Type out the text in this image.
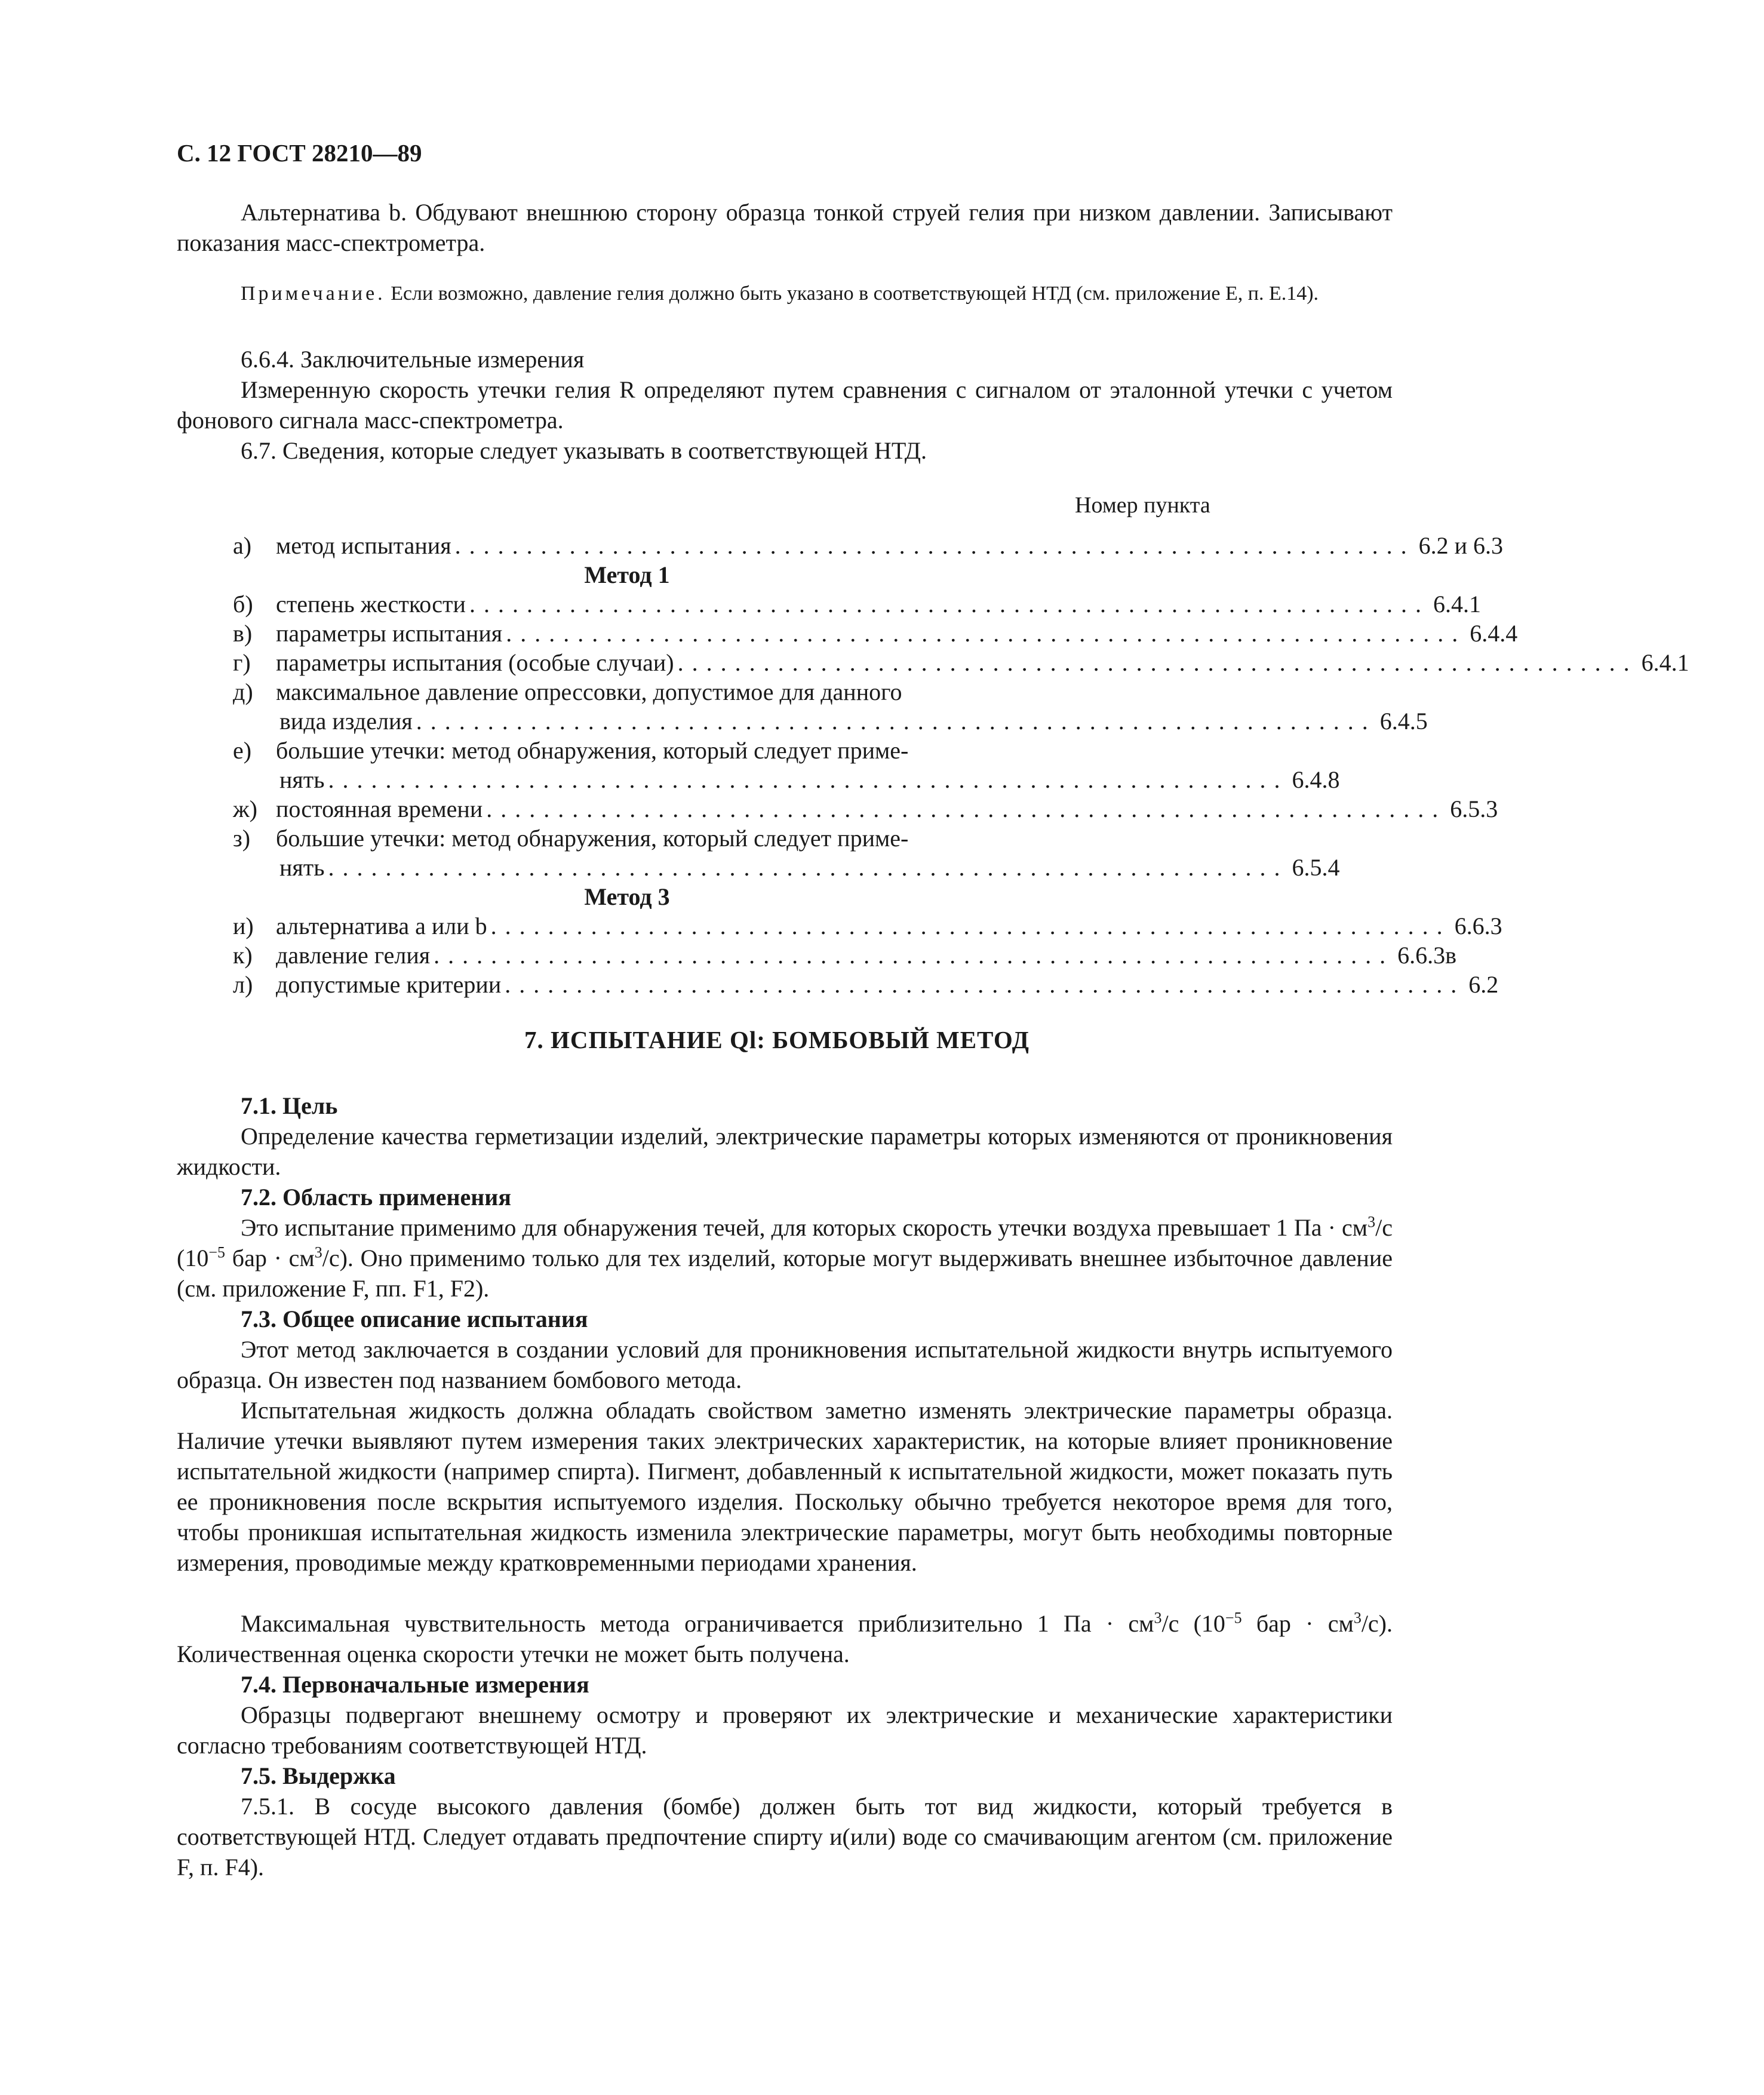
С. 12 ГОСТ 28210—89

Альтернатива b. Обдувают внешнюю сторону образца тонкой струей гелия при низком давлении. Записывают показания масс-спектрометра.

Примечание. Если возможно, давление гелия должно быть указано в соответствующей НТД (см. приложение Е, п. Е.14).

6.6.4. Заключительные измерения

Измеренную скорость утечки гелия R определяют путем сравнения с сигналом от эталонной утечки с учетом фонового сигнала масс-спектрометра.

6.7. Сведения, которые следует указывать в соответствующей НТД.

Номер пункта
а) метод испытания ................................................................... 6.2 и 6.3
Метод 1
б) степень жесткости ................................................................... 6.4.1
в) параметры испытания ................................................................... 6.4.4
г) параметры испытания (особые случаи) ................................................................... 6.4.1
д) максимальное давление опрессовки, допустимое для данного
вида изделия ................................................................... 6.4.5
е) большие утечки: метод обнаружения, который следует приме-
нять ................................................................... 6.4.8
ж) постоянная времени ................................................................... 6.5.3
з) большие утечки: метод обнаружения, который следует приме-
нять ................................................................... 6.5.4
Метод 3
и) альтернатива а или b ................................................................... 6.6.3
к) давление гелия ................................................................... 6.6.3в
л) допустимые критерии ................................................................... 6.2
7. ИСПЫТАНИЕ Ql: БОМБОВЫЙ МЕТОД
7.1. Цель

Определение качества герметизации изделий, электрические параметры которых изменяются от проникновения жидкости.

7.2. Область применения

Это испытание применимо для обнаружения течей, для которых скорость утечки воздуха превышает 1 Па · $см^3/с$ ($10^{-5}$ бар · $см^3/с$). Оно применимо только для тех изделий, которые могут выдерживать внешнее избыточное давление (см. приложение F, пп. F1, F2).

7.3. Общее описание испытания

Этот метод заключается в создании условий для проникновения испытательной жидкости внутрь испытуемого образца. Он известен под названием бомбового метода.

Испытательная жидкость должна обладать свойством заметно изменять электрические параметры образца. Наличие утечки выявляют путем измерения таких электрических характеристик, на которые влияет проникновение испытательной жидкости (например спирта). Пигмент, добавленный к испытательной жидкости, может показать путь ее проникновения после вскрытия испытуемого изделия. Поскольку обычно требуется некоторое время для того, чтобы проникшая испытательная жидкость изменила электрические параметры, могут быть необходимы повторные измерения, проводимые между кратковременными периодами хранения.

Максимальная чувствительность метода ограничивается приблизительно 1 Па · $см^3/с$ ($10^{-5}$ бар · $см^3/с$). Количественная оценка скорости утечки не может быть получена.

7.4. Первоначальные измерения

Образцы подвергают внешнему осмотру и проверяют их электрические и механические характеристики согласно требованиям соответствующей НТД.

7.5. Выдержка

7.5.1. В сосуде высокого давления (бомбе) должен быть тот вид жидкости, который требуется в соответствующей НТД. Следует отдавать предпочтение спирту и(или) воде со смачивающим агентом (см. приложение F, п. F4).
